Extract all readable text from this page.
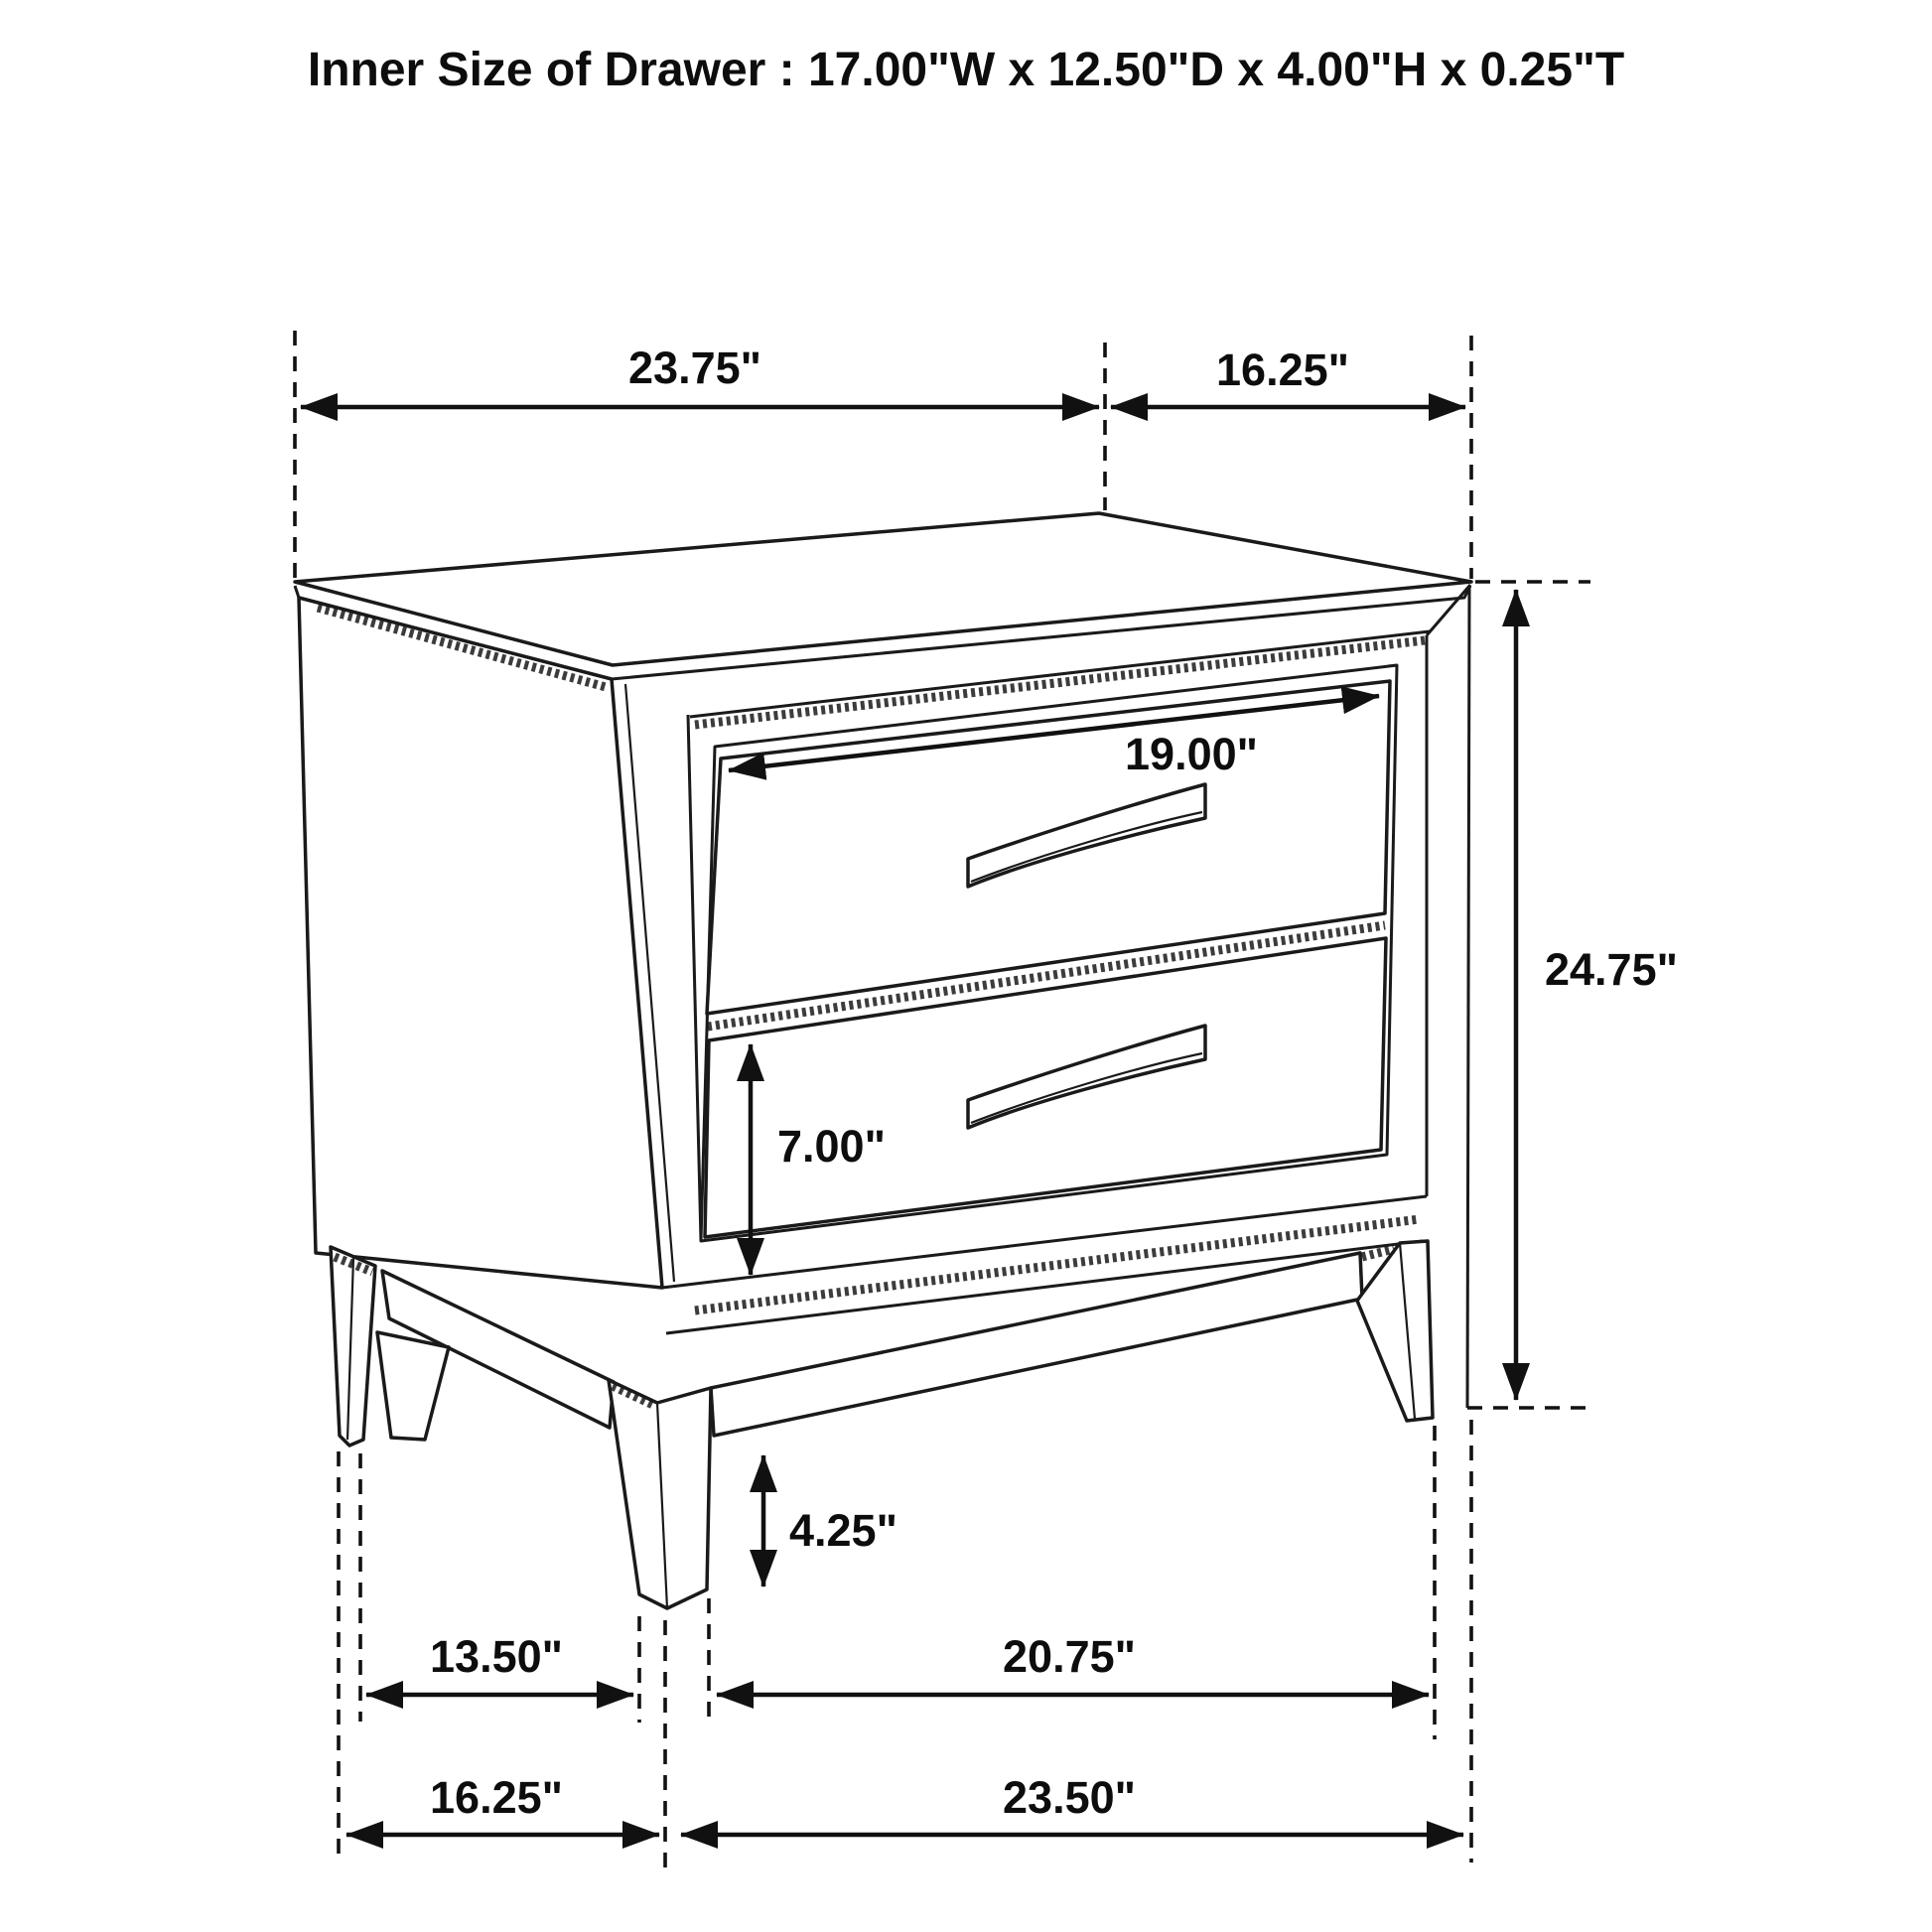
Inner Size of Drawer : 17.00"W x 12.50"D x 4.00"H x 0.25"T
23.75"	16.25"
19.00"
24.75"
7.00"
4.25"
13.50"	20.75"
16.25"	23.50"
